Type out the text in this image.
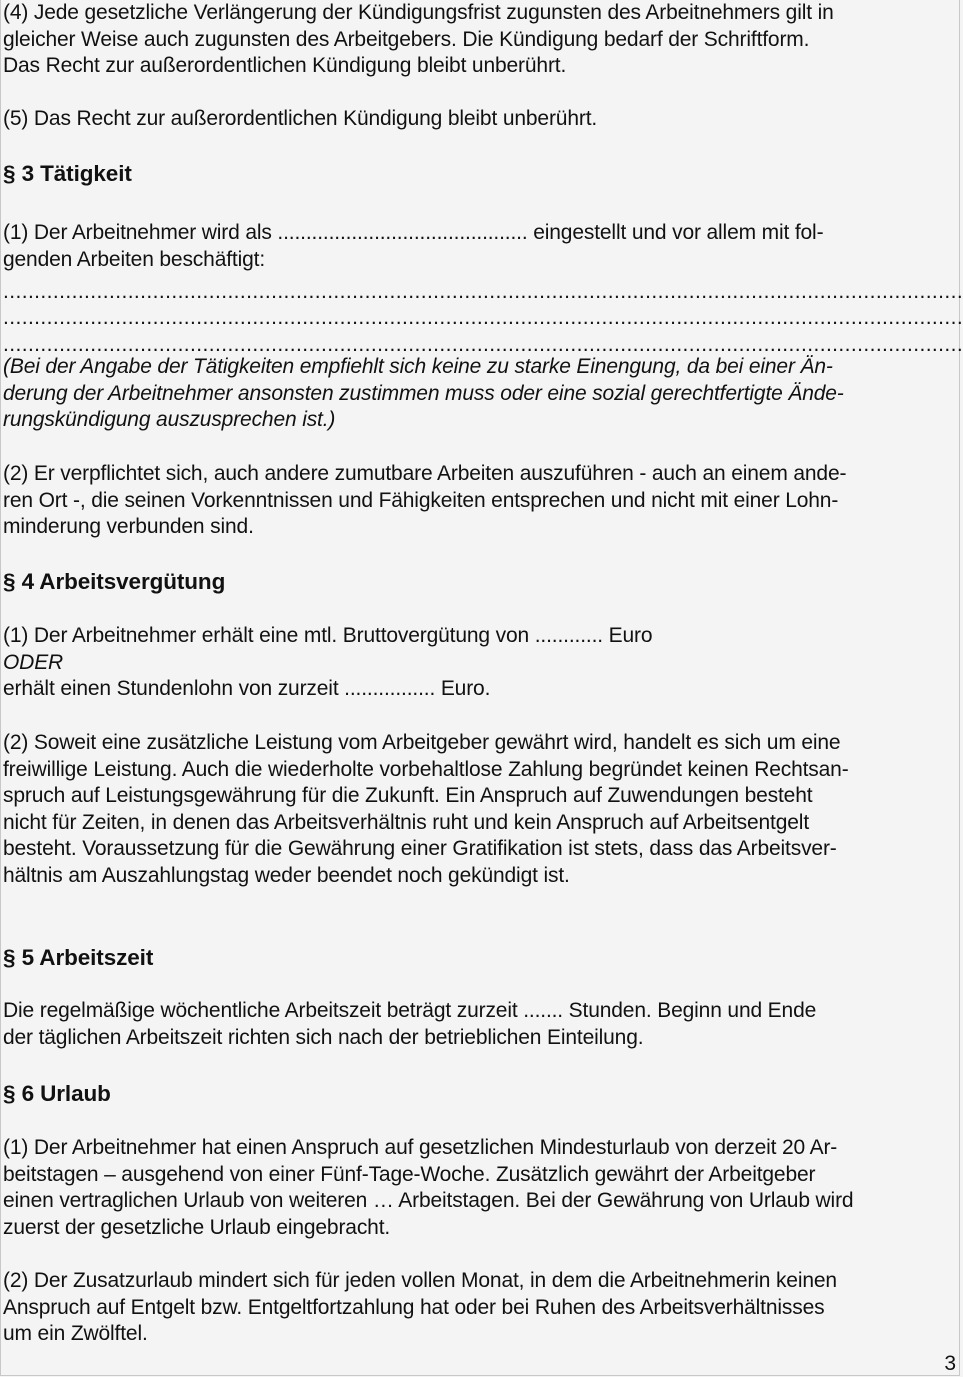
(4) Jede gesetzliche Verlängerung der Kündigungsfrist zugunsten des Arbeitnehmers gilt in
gleicher Weise auch zugunsten des Arbeitgebers. Die Kündigung bedarf der Schriftform.
Das Recht zur außerordentlichen Kündigung bleibt unberührt.
(5) Das Recht zur außerordentlichen Kündigung bleibt unberührt.
§ 3 Tätigkeit
(1) Der Arbeitnehmer wird als ............................................ eingestellt und vor allem mit fol-
genden Arbeiten beschäftigt:
..........................................................................................................................................................
..........................................................................................................................................................
..........................................................................................................................................................
(Bei der Angabe der Tätigkeiten empfiehlt sich keine zu starke Einengung, da bei einer Än-
derung der Arbeitnehmer ansonsten zustimmen muss oder eine sozial gerechtfertigte Ände-
rungskündigung auszusprechen ist.)
(2) Er verpflichtet sich, auch andere zumutbare Arbeiten auszuführen - auch an einem ande-
ren Ort -, die seinen Vorkenntnissen und Fähigkeiten entsprechen und nicht mit einer Lohn-
minderung verbunden sind.
§ 4 Arbeitsvergütung
(1) Der Arbeitnehmer erhält eine mtl. Bruttovergütung von ............ Euro
ODER
erhält einen Stundenlohn von zurzeit ................ Euro.
(2) Soweit eine zusätzliche Leistung vom Arbeitgeber gewährt wird, handelt es sich um eine
freiwillige Leistung. Auch die wiederholte vorbehaltlose Zahlung begründet keinen Rechtsan-
spruch auf Leistungsgewährung für die Zukunft. Ein Anspruch auf Zuwendungen besteht
nicht für Zeiten, in denen das Arbeitsverhältnis ruht und kein Anspruch auf Arbeitsentgelt
besteht. Voraussetzung für die Gewährung einer Gratifikation ist stets, dass das Arbeitsver-
hältnis am Auszahlungstag weder beendet noch gekündigt ist.
§ 5 Arbeitszeit
Die regelmäßige wöchentliche Arbeitszeit beträgt zurzeit ....... Stunden. Beginn und Ende
der täglichen Arbeitszeit richten sich nach der betrieblichen Einteilung.
§ 6 Urlaub
(1) Der Arbeitnehmer hat einen Anspruch auf gesetzlichen Mindesturlaub von derzeit 20 Ar-
beitstagen – ausgehend von einer Fünf-Tage-Woche. Zusätzlich gewährt der Arbeitgeber
einen vertraglichen Urlaub von weiteren … Arbeitstagen. Bei der Gewährung von Urlaub wird
zuerst der gesetzliche Urlaub eingebracht.
(2) Der Zusatzurlaub mindert sich für jeden vollen Monat, in dem die Arbeitnehmerin keinen
Anspruch auf Entgelt bzw. Entgeltfortzahlung hat oder bei Ruhen des Arbeitsverhältnisses
um ein Zwölftel.
3
